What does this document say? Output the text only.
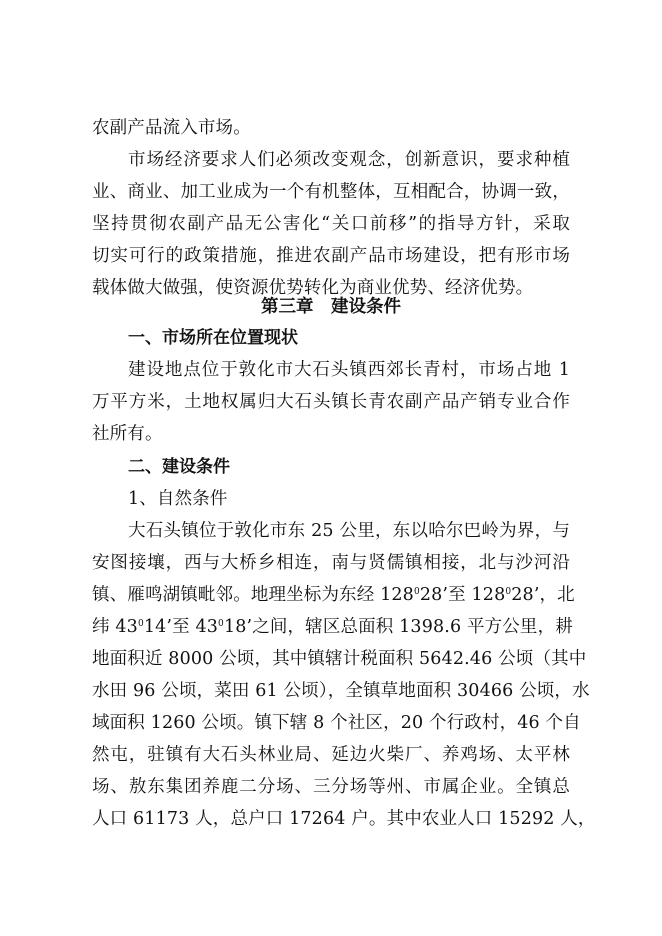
农副产品流入市场。

市场经济要求人们必须改变观念，创新意识，要求种植

业、商业、加工业成为一个有机整体，互相配合，协调一致，

坚持贯彻农副产品无公害化“关口前移”的指导方针，采取

切实可行的政策措施，推进农副产品市场建设，把有形市场

载体做大做强，使资源优势转化为商业优势、经济优势。

第三章　建设条件

一、市场所在位置现状

建设地点位于敦化市大石头镇西郊长青村，市场占地 1

万平方米，土地权属归大石头镇长青农副产品产销专业合作

社所有。

二、建设条件

1、自然条件

大石头镇位于敦化市东 25 公里，东以哈尔巴岭为界，与

安图接壤，西与大桥乡相连，南与贤儒镇相接，北与沙河沿

镇、雁鸣湖镇毗邻。地理坐标为东经 $128^028$’至 $128^028$’，北

纬 $43^014$’至 $43^018$’之间，辖区总面积 1398.6 平方公里，耕

地面积近 8000 公顷，其中镇辖计税面积 5642.46 公顷（其中

水田 96 公顷，菜田 61 公顷），全镇草地面积 30466 公顷，水

域面积 1260 公顷。镇下辖 8 个社区，20 个行政村，46 个自

然屯，驻镇有大石头林业局、延边火柴厂、养鸡场、太平林

场、敖东集团养鹿二分场、三分场等州、市属企业。全镇总

人口 61173 人，总户口 17264 户。其中农业人口 15292 人，
